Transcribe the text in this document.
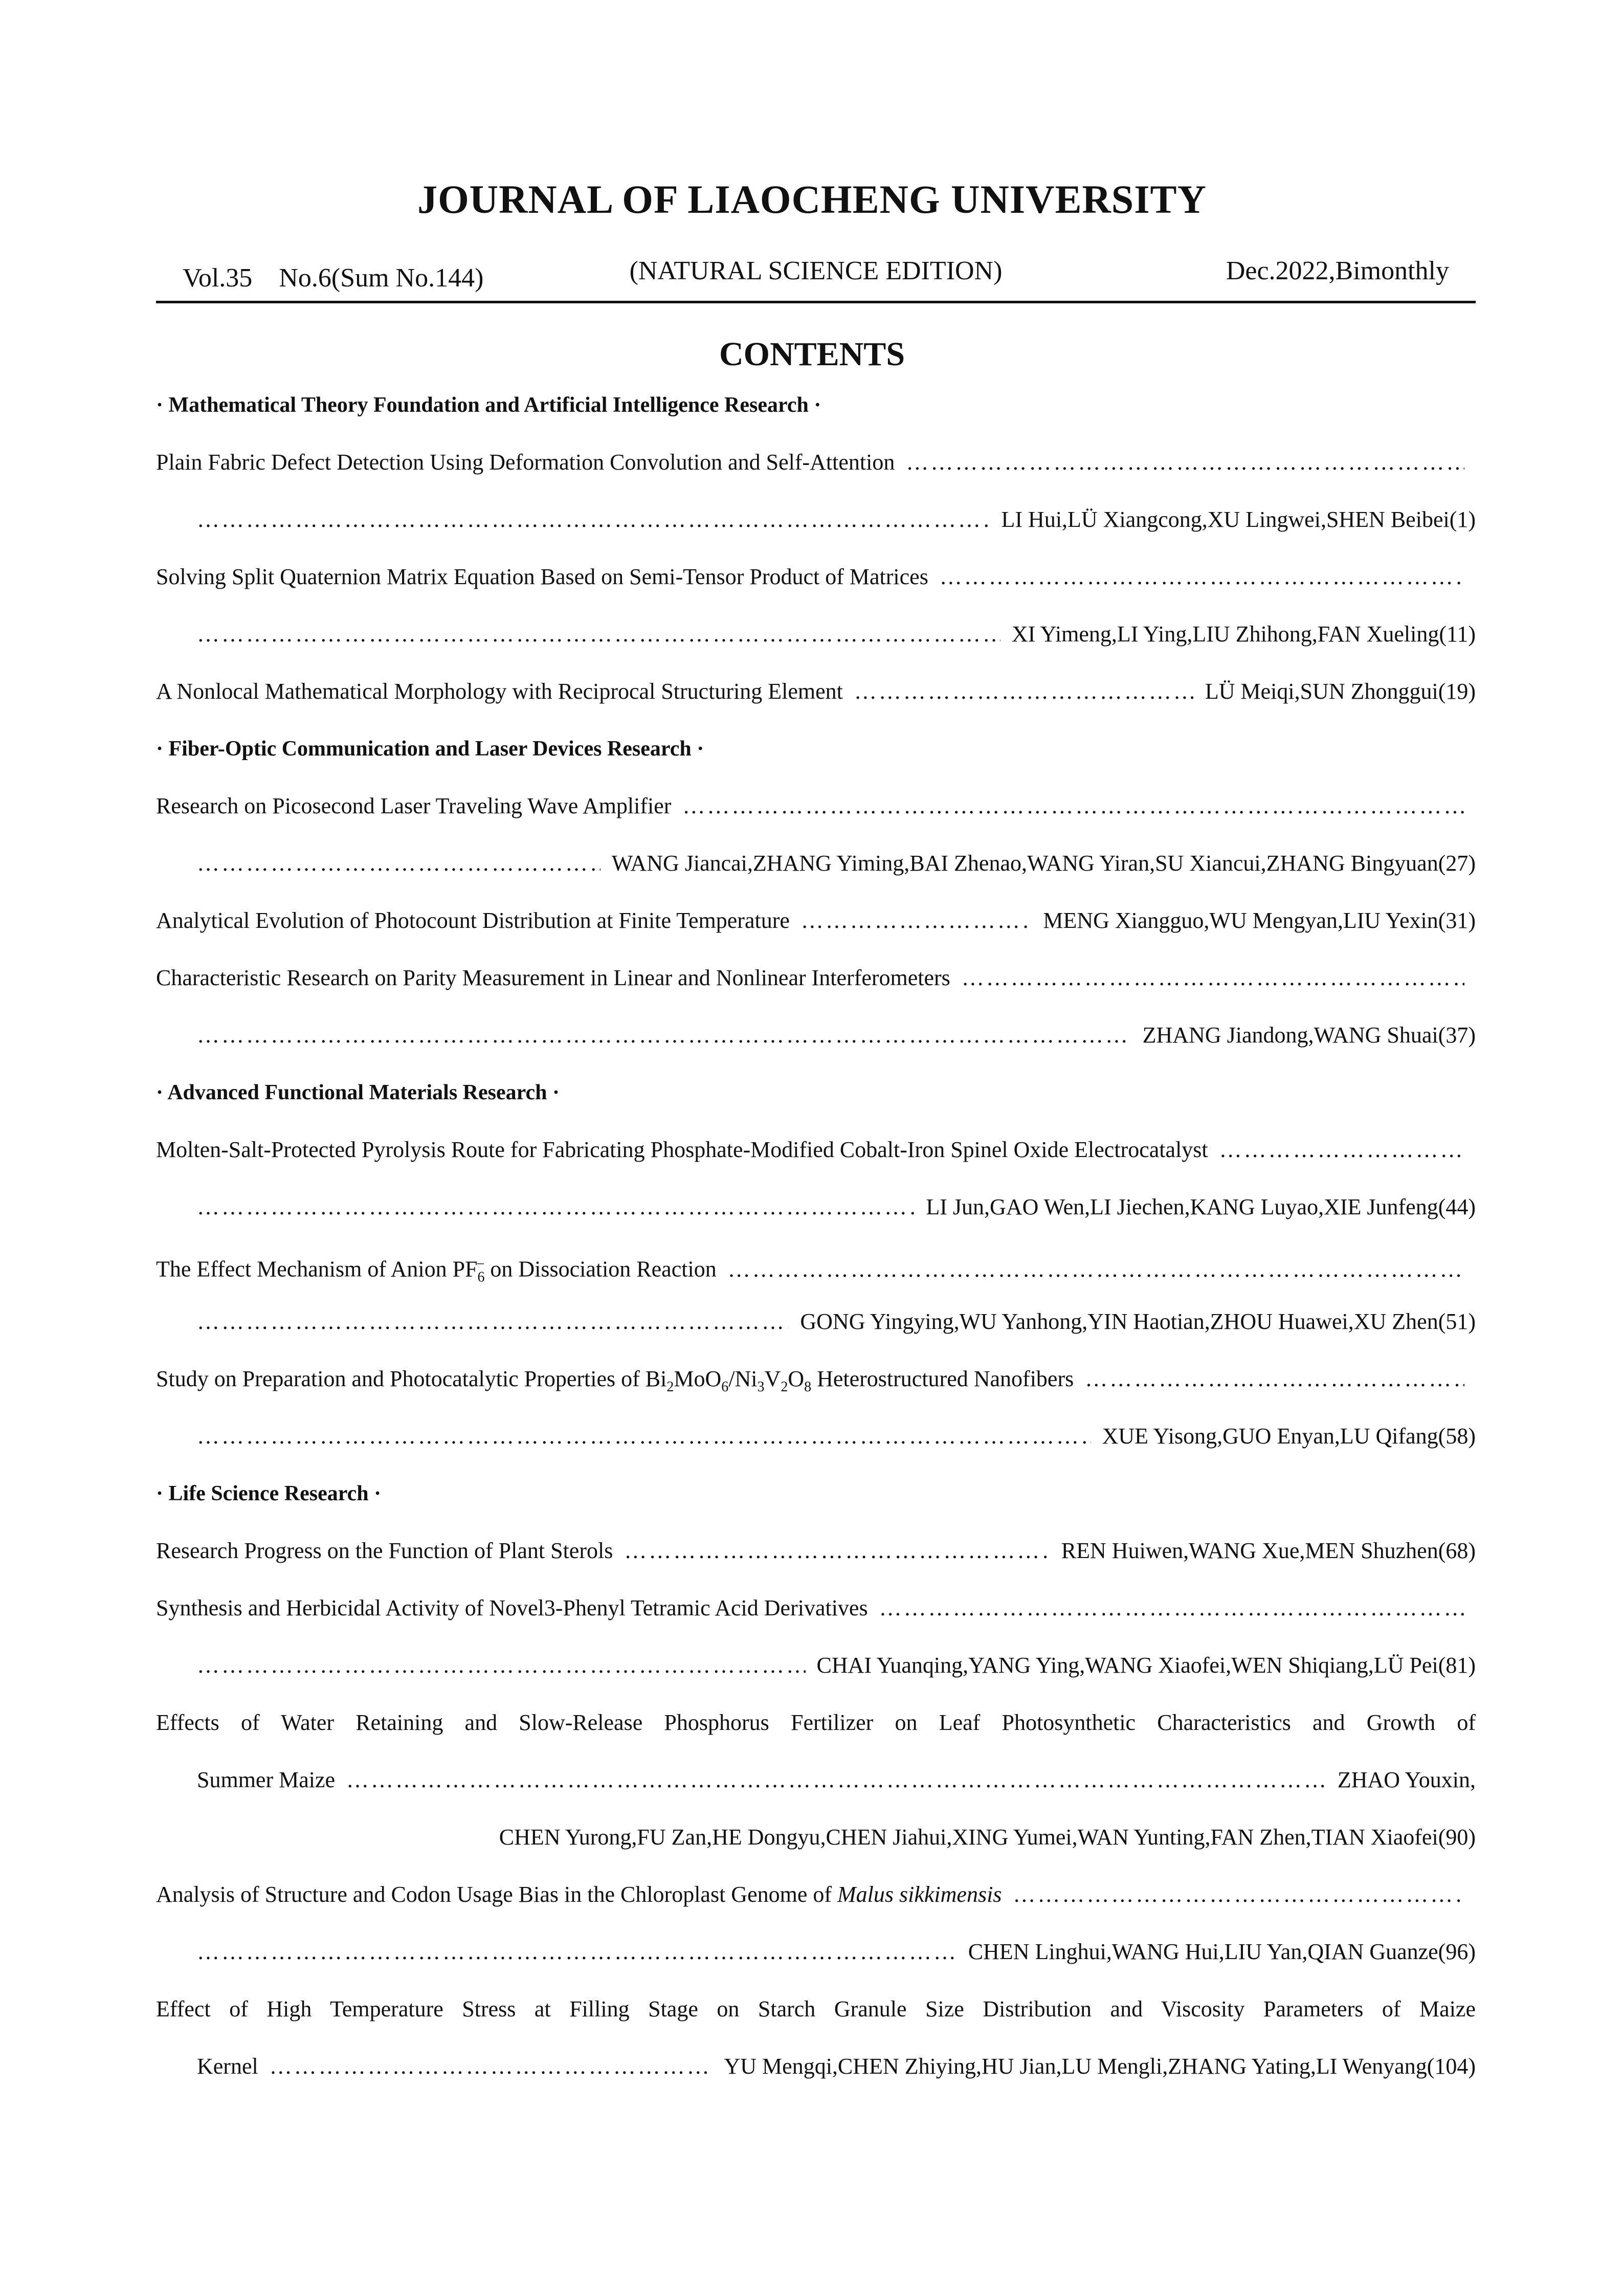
JOURNAL OF LIAOCHENG UNIVERSITY
Vol.35　No.6(Sum No.144)	(NATURAL SCIENCE EDITION)	Dec.2022,Bimonthly
CONTENTS
· Mathematical Theory Foundation and Artificial Intelligence Research ·
Plain Fabric Defect Detection Using Deformation Convolution and Self-Attention
……………………………………………………………………………………………………………………………………………………………………………………………………………………………………………………………………………………………………
……………………………………………………………………………………………………………………………………………………………………………………………………………………………………………………………………………………………………
LI Hui,LÜ Xiangcong,XU Lingwei,SHEN Beibei(1)
Solving Split Quaternion Matrix Equation Based on Semi-Tensor Product of Matrices
……………………………………………………………………………………………………………………………………………………………………………………………………………………………………………………………………………………………………
……………………………………………………………………………………………………………………………………………………………………………………………………………………………………………………………………………………………………
XI Yimeng,LI Ying,LIU Zhihong,FAN Xueling(11)
A Nonlocal Mathematical Morphology with Reciprocal Structuring Element ……………………………………………………………………………………………………………………………………………………………………………………………………………………………………………………………………………………………………	LÜ Meiqi,SUN Zhonggui(19)
· Fiber-Optic Communication and Laser Devices Research ·
Research on Picosecond Laser Traveling Wave Amplifier
……………………………………………………………………………………………………………………………………………………………………………………………………………………………………………………………………………………………………
……………………………………………………………………………………………………………………………………………………………………………………………………………………………………………………………………………………………………
WANG Jiancai,ZHANG Yiming,BAI Zhenao,WANG Yiran,SU Xiancui,ZHANG Bingyuan(27)
Analytical Evolution of Photocount Distribution at Finite Temperature ……………………………………………………………………………………………………………………………………………………………………………………………………………………………………………………………………………………………………	MENG Xiangguo,WU Mengyan,LIU Yexin(31)
Characteristic Research on Parity Measurement in Linear and Nonlinear Interferometers
……………………………………………………………………………………………………………………………………………………………………………………………………………………………………………………………………………………………………
……………………………………………………………………………………………………………………………………………………………………………………………………………………………………………………………………………………………………
ZHANG Jiandong,WANG Shuai(37)
· Advanced Functional Materials Research ·
Molten-Salt-Protected Pyrolysis Route for Fabricating Phosphate-Modified Cobalt-Iron Spinel Oxide Electrocatalyst
……………………………………………………………………………………………………………………………………………………………………………………………………………………………………………………………………………………………………
……………………………………………………………………………………………………………………………………………………………………………………………………………………………………………………………………………………………………
LI Jun,GAO Wen,LI Jiechen,KANG Luyao,XIE Junfeng(44)
The Effect Mechanism of Anion $PF_6^-$ on Dissociation Reaction
……………………………………………………………………………………………………………………………………………………………………………………………………………………………………………………………………………………………………
……………………………………………………………………………………………………………………………………………………………………………………………………………………………………………………………………………………………………
GONG Yingying,WU Yanhong,YIN Haotian,ZHOU Huawei,XU Zhen(51)
Study on Preparation and Photocatalytic Properties of $Bi_2MoO_6/Ni_3V_2O_8$ Heterostructured Nanofibers
……………………………………………………………………………………………………………………………………………………………………………………………………………………………………………………………………………………………………
……………………………………………………………………………………………………………………………………………………………………………………………………………………………………………………………………………………………………
XUE Yisong,GUO Enyan,LU Qifang(58)
· Life Science Research ·
Research Progress on the Function of Plant Sterols ……………………………………………………………………………………………………………………………………………………………………………………………………………………………………………………………………………………………………	REN Huiwen,WANG Xue,MEN Shuzhen(68)
Synthesis and Herbicidal Activity of Novel3-Phenyl Tetramic Acid Derivatives
……………………………………………………………………………………………………………………………………………………………………………………………………………………………………………………………………………………………………
……………………………………………………………………………………………………………………………………………………………………………………………………………………………………………………………………………………………………
CHAI Yuanqing,YANG Ying,WANG Xiaofei,WEN Shiqiang,LÜ Pei(81)
Effects of Water Retaining and Slow-Release Phosphorus Fertilizer on Leaf Photosynthetic Characteristics and Growth of
Summer Maize ……………………………………………………………………………………………………………………………………………………………………………………………………………………………………………………………………………………………………	ZHAO Youxin,
CHEN Yurong,FU Zan,HE Dongyu,CHEN Jiahui,XING Yumei,WAN Yunting,FAN Zhen,TIAN Xiaofei(90)
Analysis of Structure and Codon Usage Bias in the Chloroplast Genome of Malus sikkimensis
……………………………………………………………………………………………………………………………………………………………………………………………………………………………………………………………………………………………………
……………………………………………………………………………………………………………………………………………………………………………………………………………………………………………………………………………………………………
CHEN Linghui,WANG Hui,LIU Yan,QIAN Guanze(96)
Effect of High Temperature Stress at Filling Stage on Starch Granule Size Distribution and Viscosity Parameters of Maize
Kernel ……………………………………………………………………………………………………………………………………………………………………………………………………………………………………………………………………………………………………	YU Mengqi,CHEN Zhiying,HU Jian,LU Mengli,ZHANG Yating,LI Wenyang(104)
